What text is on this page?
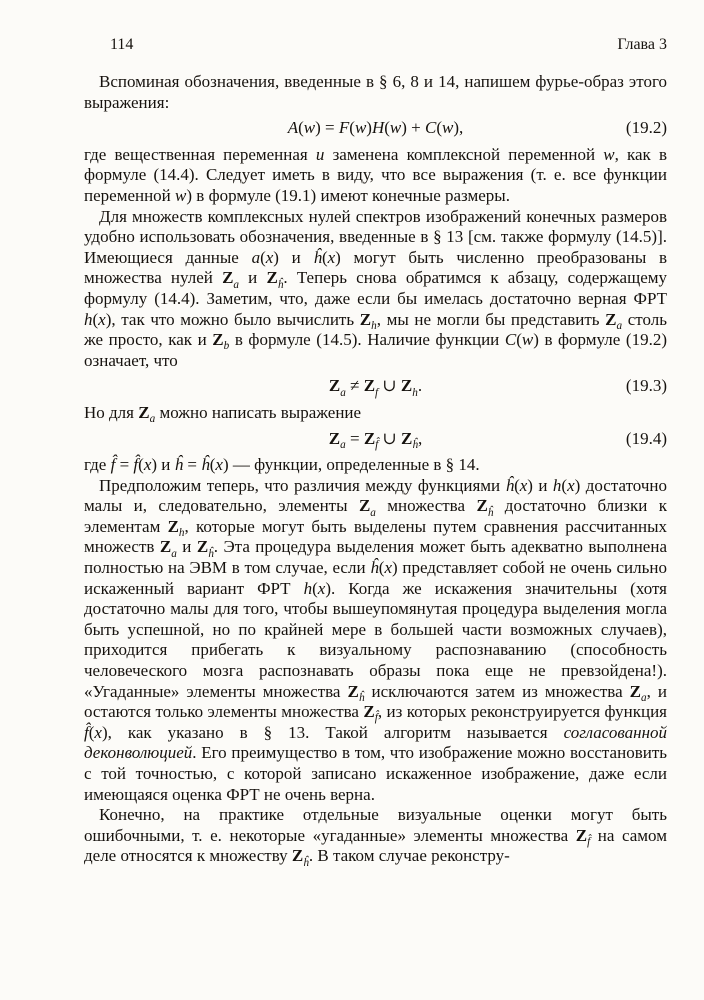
114	Глава 3

Вспоминая обозначения, введенные в § 6, 8 и 14, напишем фурье-образ этого выражения:

A(w) = F(w)H(w) + C(w),	(19.2)

где вещественная переменная u заменена комплексной переменной w, как в формуле (14.4). Следует иметь в виду, что все выражения (т. е. все функции переменной w) в формуле (19.1) имеют конечные размеры.

Для множеств комплексных нулей спектров изображений конечных размеров удобно использовать обозначения, введенные в § 13 [см. также формулу (14.5)]. Имеющиеся данные a(x) и ĥ(x) могут быть численно преобразованы в множества нулей $Z_a$ и $Z_ĥ$. Теперь снова обратимся к абзацу, содержащему формулу (14.4). Заметим, что, даже если бы имелась достаточно верная ФРТ h(x), так что можно было вычислить $Z_h$, мы не могли бы представить $Z_a$ столь же просто, как и $Z_b$ в формуле (14.5). Наличие функции C(w) в формуле (19.2) означает, что

$Z_a \ne Z_f$ ∪ $Z_h$.	(19.3)

Но для $Z_a$ можно написать выражение

$Z_a = Z_{f̂}$ ∪ $Z_ĥ$,	(19.4)

где f̂ = f̂(x) и ĥ = ĥ(x) — функции, определенные в § 14.

Предположим теперь, что различия между функциями ĥ(x) и h(x) достаточно малы и, следовательно, элементы $Z_a$ множества $Z_ĥ$ достаточно близки к элементам $Z_h$, которые могут быть выделены путем сравнения рассчитанных множеств $Z_a$ и $Z_ĥ$. Эта процедура выделения может быть адекватно выполнена полностью на ЭВМ в том случае, если ĥ(x) представляет собой не очень сильно искаженный вариант ФРТ h(x). Когда же искажения значительны (хотя достаточно малы для того, чтобы вышеупомянутая процедура выделения могла быть успешной, но по крайней мере в большей части возможных случаев), приходится прибегать к визуальному распознаванию (способность человеческого мозга распознавать образы пока еще не превзойдена!). «Угаданные» элементы множества $Z_ĥ$ исключаются затем из множества $Z_a$, и остаются только элементы множества $Z_{f̂}$, из которых реконструируется функция f̂(x), как указано в § 13. Такой алгоритм называется согласованной деконволюцией. Его преимущество в том, что изображение можно восстановить с той точностью, с которой записано искаженное изображение, даже если имеющаяся оценка ФРТ не очень верна.

Конечно, на практике отдельные визуальные оценки могут быть ошибочными, т. е. некоторые «угаданные» элементы множества $Z_{f̂}$ на самом деле относятся к множеству $Z_ĥ$. В таком случае реконстру-
